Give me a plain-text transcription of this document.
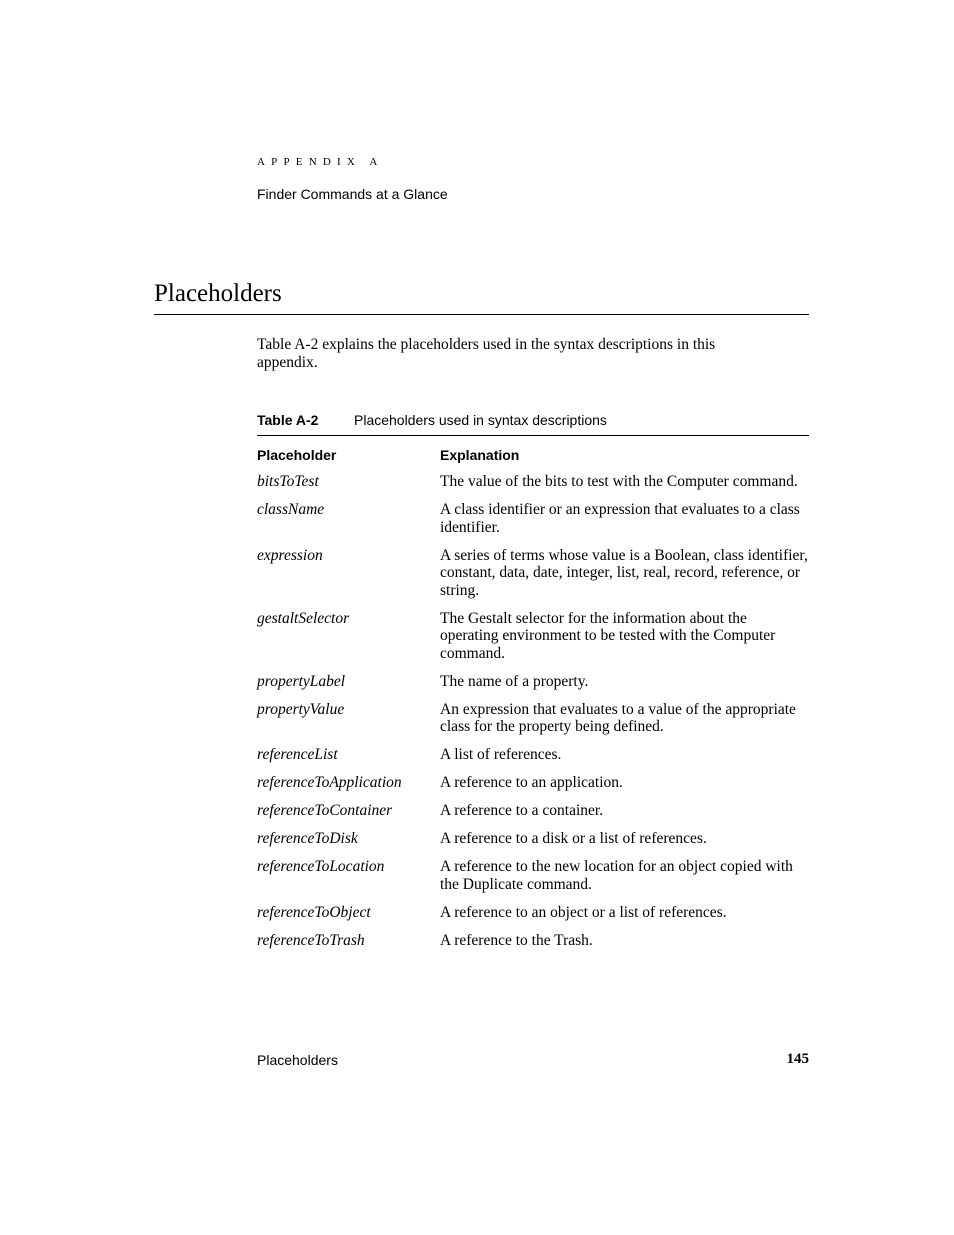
APPENDIX A

Finder Commands at a Glance

Placeholders

Table A-2 explains the placeholders used in the syntax descriptions in this appendix.

Table A-2	Placeholders used in syntax descriptions

Placeholder	Explanation
bitsToTest	The value of the bits to test with the Computer command.
className	A class identifier or an expression that evaluates to a class identifier.
expression	A series of terms whose value is a Boolean, class identifier, constant, data, date, integer, list, real, record, reference, or string.
gestaltSelector	The Gestalt selector for the information about the operating environment to be tested with the Computer command.
propertyLabel	The name of a property.
propertyValue	An expression that evaluates to a value of the appropriate class for the property being defined.
referenceList	A list of references.
referenceToApplication	A reference to an application.
referenceToContainer	A reference to a container.
referenceToDisk	A reference to a disk or a list of references.
referenceToLocation	A reference to the new location for an object copied with the Duplicate command.
referenceToObject	A reference to an object or a list of references.
referenceToTrash	A reference to the Trash.

Placeholders	145
